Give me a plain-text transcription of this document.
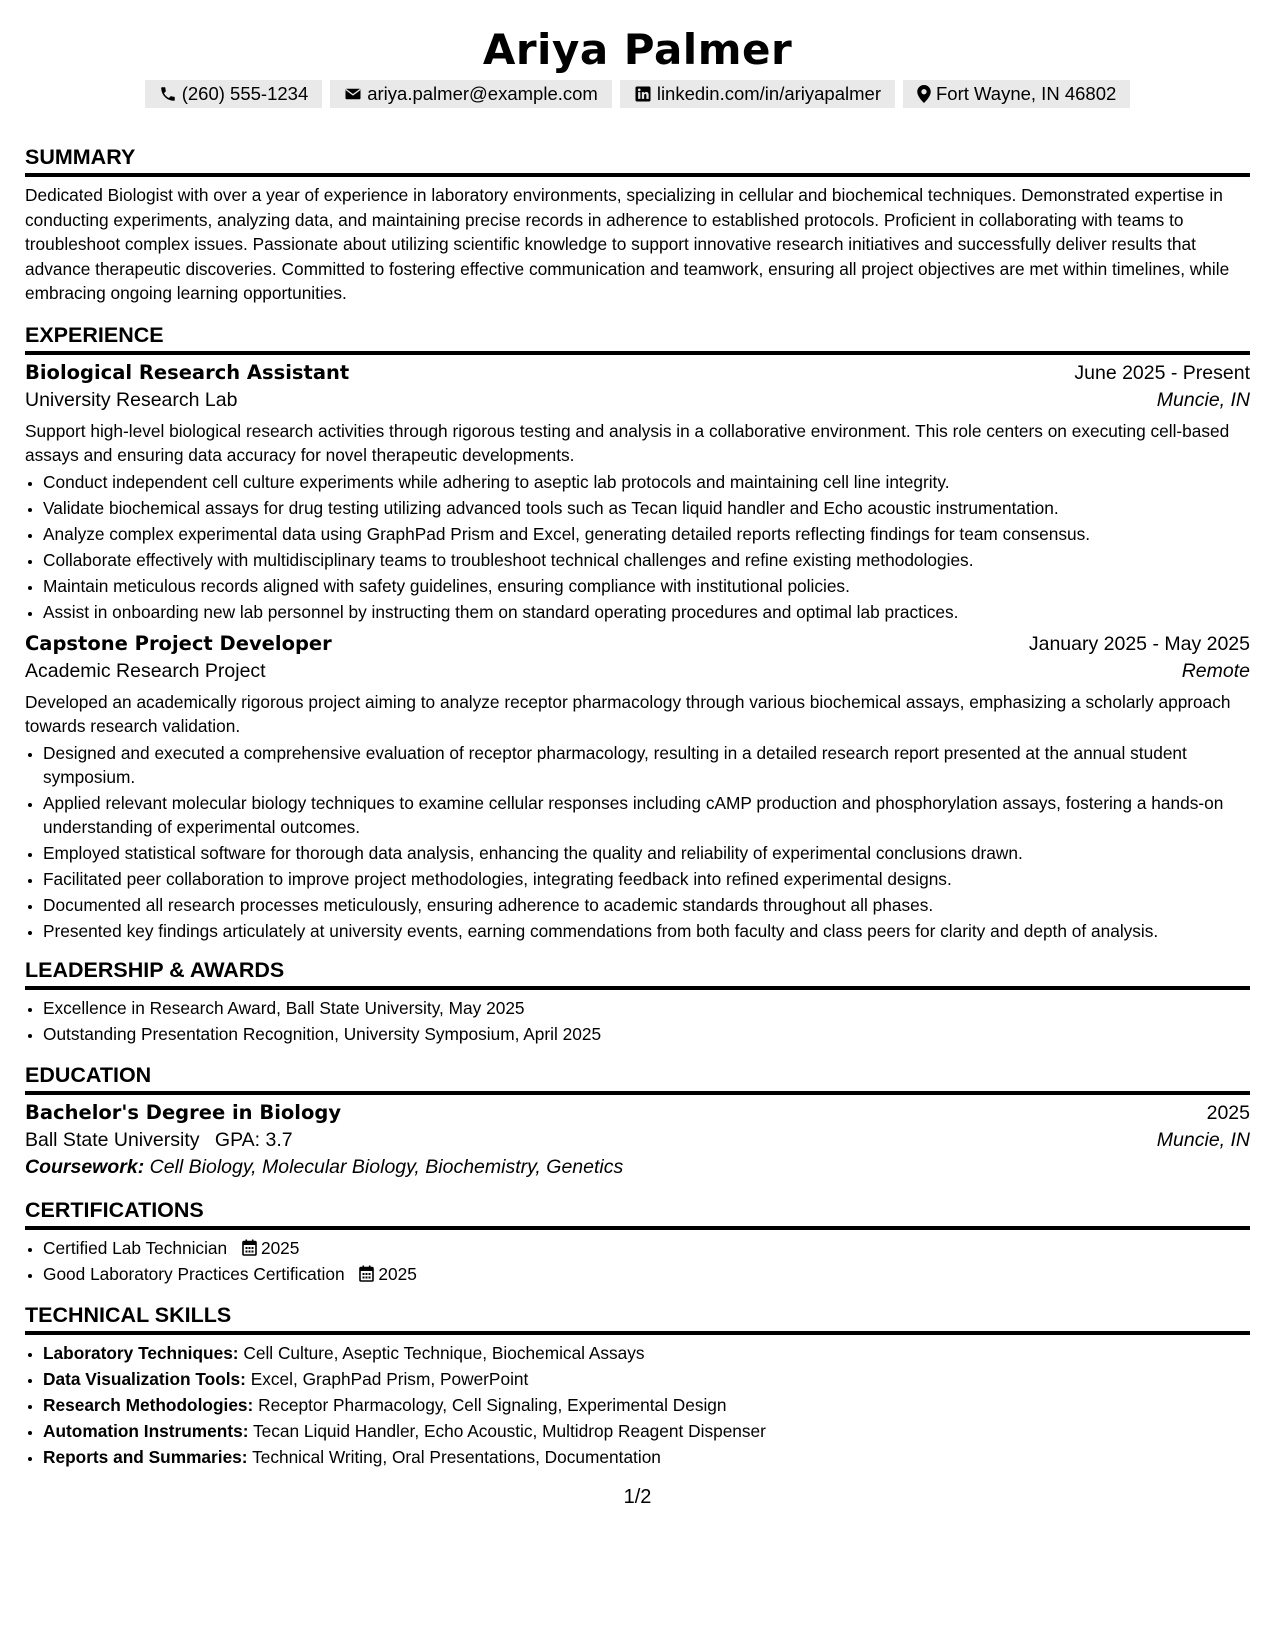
Ariya Palmer
(260) 555-1234	ariya.palmer@example.com	linkedin.com/in/ariyapalmer	Fort Wayne, IN 46802
SUMMARY
Dedicated Biologist with over a year of experience in laboratory environments, specializing in cellular and biochemical techniques. Demonstrated expertise in conducting experiments, analyzing data, and maintaining precise records in adherence to established protocols. Proficient in collaborating with teams to troubleshoot complex issues. Passionate about utilizing scientific knowledge to support innovative research initiatives and successfully deliver results that advance therapeutic discoveries. Committed to fostering effective communication and teamwork, ensuring all project objectives are met within timelines, while embracing ongoing learning opportunities.
EXPERIENCE
Biological Research Assistant	June 2025 - Present
University Research Lab	Muncie, IN
Support high-level biological research activities through rigorous testing and analysis in a collaborative environment. This role centers on executing cell-based assays and ensuring data accuracy for novel therapeutic developments.
• Conduct independent cell culture experiments while adhering to aseptic lab protocols and maintaining cell line integrity.
• Validate biochemical assays for drug testing utilizing advanced tools such as Tecan liquid handler and Echo acoustic instrumentation.
• Analyze complex experimental data using GraphPad Prism and Excel, generating detailed reports reflecting findings for team consensus.
• Collaborate effectively with multidisciplinary teams to troubleshoot technical challenges and refine existing methodologies.
• Maintain meticulous records aligned with safety guidelines, ensuring compliance with institutional policies.
• Assist in onboarding new lab personnel by instructing them on standard operating procedures and optimal lab practices.
Capstone Project Developer	January 2025 - May 2025
Academic Research Project	Remote
Developed an academically rigorous project aiming to analyze receptor pharmacology through various biochemical assays, emphasizing a scholarly approach towards research validation.
• Designed and executed a comprehensive evaluation of receptor pharmacology, resulting in a detailed research report presented at the annual student symposium.
• Applied relevant molecular biology techniques to examine cellular responses including cAMP production and phosphorylation assays, fostering a hands-on understanding of experimental outcomes.
• Employed statistical software for thorough data analysis, enhancing the quality and reliability of experimental conclusions drawn.
• Facilitated peer collaboration to improve project methodologies, integrating feedback into refined experimental designs.
• Documented all research processes meticulously, ensuring adherence to academic standards throughout all phases.
• Presented key findings articulately at university events, earning commendations from both faculty and class peers for clarity and depth of analysis.
LEADERSHIP & AWARDS
• Excellence in Research Award, Ball State University, May 2025
• Outstanding Presentation Recognition, University Symposium, April 2025
EDUCATION
Bachelor's Degree in Biology	2025
Ball State University GPA: 3.7	Muncie, IN
Coursework: Cell Biology, Molecular Biology, Biochemistry, Genetics
CERTIFICATIONS
• Certified Lab Technician 2025
• Good Laboratory Practices Certification 2025
TECHNICAL SKILLS
• Laboratory Techniques: Cell Culture, Aseptic Technique, Biochemical Assays
• Data Visualization Tools: Excel, GraphPad Prism, PowerPoint
• Research Methodologies: Receptor Pharmacology, Cell Signaling, Experimental Design
• Automation Instruments: Tecan Liquid Handler, Echo Acoustic, Multidrop Reagent Dispenser
• Reports and Summaries: Technical Writing, Oral Presentations, Documentation
1/2
